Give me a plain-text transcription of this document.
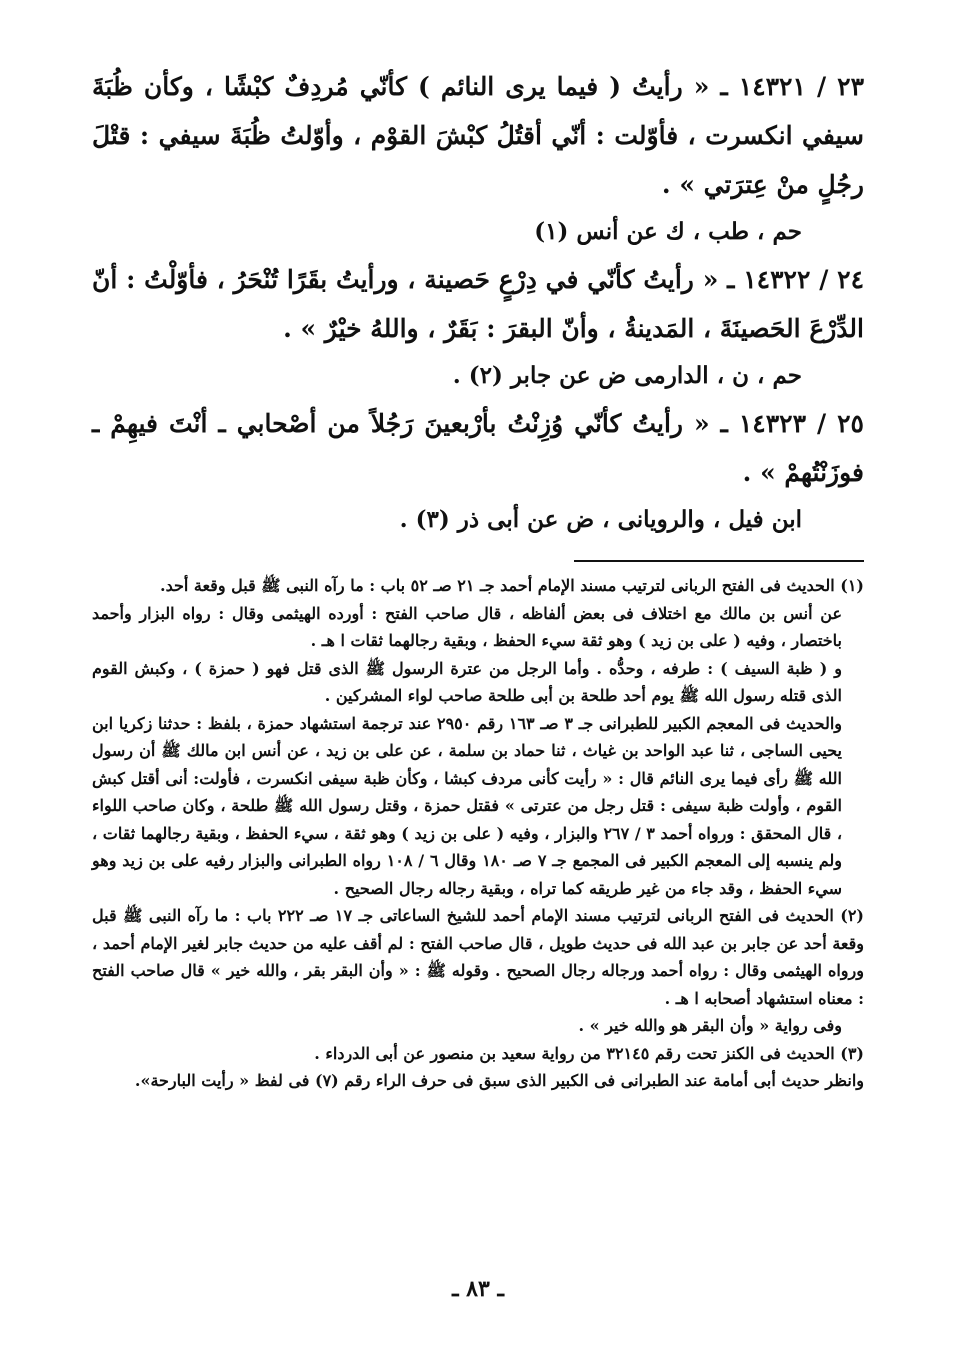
٢٣ / ١٤٣٢١ ـ « رأيتُ ( فيما يرى النائم ) كأنّي مُردِفٌ كبْشًا ، وكأن ظُبَةَ سيفي انكسرت ، فأوّلت : أنّي أقتُلُ كبْشَ القوْم ، وأوّلتُ ظُبَةَ سيفي : قتْلَ رجُلٍ منْ عِترَتي » .

حم ، طب ، ك عن أنس (١)

٢٤ / ١٤٣٢٢ ـ « رأيتُ كأنّي في دِرْعٍ حَصينة ، ورأيتُ بقَرًا تُنْحَرُ ، فأوّلْتُ : أنّ الدِّرْعَ الحَصينَةَ ، المَدينةُ ، وأنّ البقرَ : بَقَرٌ ، واللهُ خيْرٌ » .

حم ، ن ، الدارمى ض عن جابر (٢) .

٢٥ / ١٤٣٢٣ ـ « رأيتُ كأنّي وُزِنْتُ بأرْبعينَ رَجُلاً من أصْحابي ـ أنْتَ فيهِمْ ـ فوزَنْتُهمْ » .

ابن فيل ، والرويانى ، ض عن أبى ذر (٣) .

(١) الحديث فى الفتح الربانى لترتيب مسند الإمام أحمد جـ ٢١ صـ ٥٢ باب : ما رآه النبى ﷺ قبل وقعة أحد.
عن أنس بن مالك مع اختلاف فى بعض ألفاظه ، قال صاحب الفتح : أورده الهيثمى وقال : رواه البزار وأحمد باختصار ، وفيه ( على بن زيد ) وهو ثقة سيء الحفظ ، وبقية رجالهما ثقات ا هـ .
و ( ظبة السيف ) : طرفه ، وحدُّه . وأما الرجل من عترة الرسول ﷺ الذى قتل فهو ( حمزة ) ، وكبش القوم الذى قتله رسول الله ﷺ يوم أحد طلحة بن أبى طلحة صاحب لواء المشركين .
والحديث فى المعجم الكبير للطبرانى جـ ٣ صـ ١٦٣ رقم ٢٩٥٠ عند ترجمة استشهاد حمزة ، بلفظ : حدثنا زكريا ابن يحيى الساجى ، ثنا عبد الواحد بن غياث ، ثنا حماد بن سلمة ، عن على بن زيد ، عن أنس ابن مالك ﷺ أن رسول الله ﷺ رأى فيما يرى النائم قال : « رأيت كأنى مردف كبشا ، وكأن ظبة سيفى انكسرت ، فأولت: أنى أقتل كبش القوم ، وأولت ظبة سيفى : قتل رجل من عترتى » فقتل حمزة ، وقتل رسول الله ﷺ طلحة ، وكان صاحب اللواء ، قال المحقق : ورواه أحمد ٣ / ٢٦٧ والبزار ، وفيه ( على بن زيد ) وهو ثقة ، سيء الحفظ ، وبقية رجالهما ثقات ، ولم ينسبه إلى المعجم الكبير فى المجمع جـ ٧ صـ ١٨٠ وقال ٦ / ١٠٨ رواه الطبرانى والبزار رفيه على بن زيد وهو سيء الحفظ ، وقد جاء من غير طريقه كما تراه ، وبقية رجاله رجال الصحيح .
(٢) الحديث فى الفتح الربانى لترتيب مسند الإمام أحمد للشيخ الساعاتى جـ ١٧ صـ ٢٢٢ باب : ما رآه النبى ﷺ قبل وقعة أحد عن جابر بن عبد الله فى حديث طويل ، قال صاحب الفتح : لم أقف عليه من حديث جابر لغير الإمام أحمد ، ورواه الهيثمى وقال : رواه أحمد ورجاله رجال الصحيح . وقوله ﷺ : « وأن البقر بقر ، والله خير » قال صاحب الفتح : معناه استشهاد أصحابه ا هـ .
وفى رواية « وأن البقر هو والله خير » .
(٣) الحديث فى الكنز تحت رقم ٣٢١٤٥ من رواية سعيد بن منصور عن أبى الدرداء .
وانظر حديث أبى أمامة عند الطبرانى فى الكبير الذى سبق فى حرف الراء رقم (٧) فى لفظ « رأيت البارحة».
ـ ٨٣ ـ
